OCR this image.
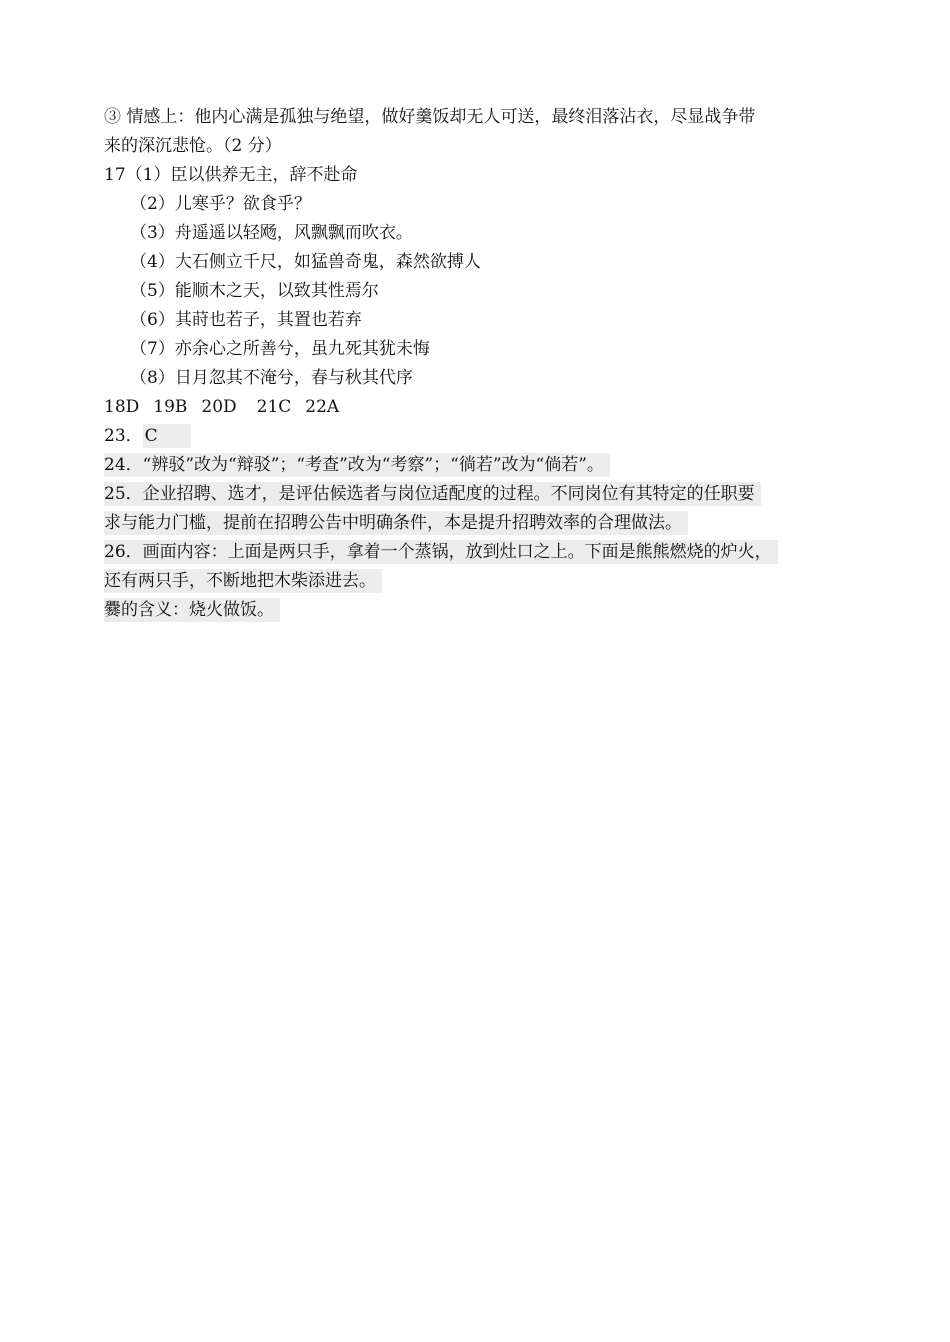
③ 情感上：他内心满是孤独与绝望，做好羹饭却无人可送，最终泪落沾衣，尽显战争带
来的深沉悲怆。（2 分）
17（1）臣以供养无主，辞不赴命
（2）儿寒乎？欲食乎？
（3）舟遥遥以轻飏，风飘飘而吹衣。
（4）大石侧立千尺，如猛兽奇鬼，森然欲搏人
（5）能顺木之天，以致其性焉尔
（6）其莳也若子，其置也若弃
（7）亦余心之所善兮，虽九死其犹未悔
（8）日月忽其不淹兮，春与秋其代序
18D 19B 20D 21C 22A
23． C
24．“辨驳”改为“辩驳”；“考查”改为“考察”；“徜若”改为“倘若”。
25．企业招聘、选才，是评估候选者与岗位适配度的过程。不同岗位有其特定的任职要
求与能力门槛，提前在招聘公告中明确条件，本是提升招聘效率的合理做法。
26．画面内容：上面是两只手，拿着一个蒸锅，放到灶口之上。下面是熊熊燃烧的炉火，
还有两只手，不断地把木柴添进去。
爨的含义：烧火做饭。
